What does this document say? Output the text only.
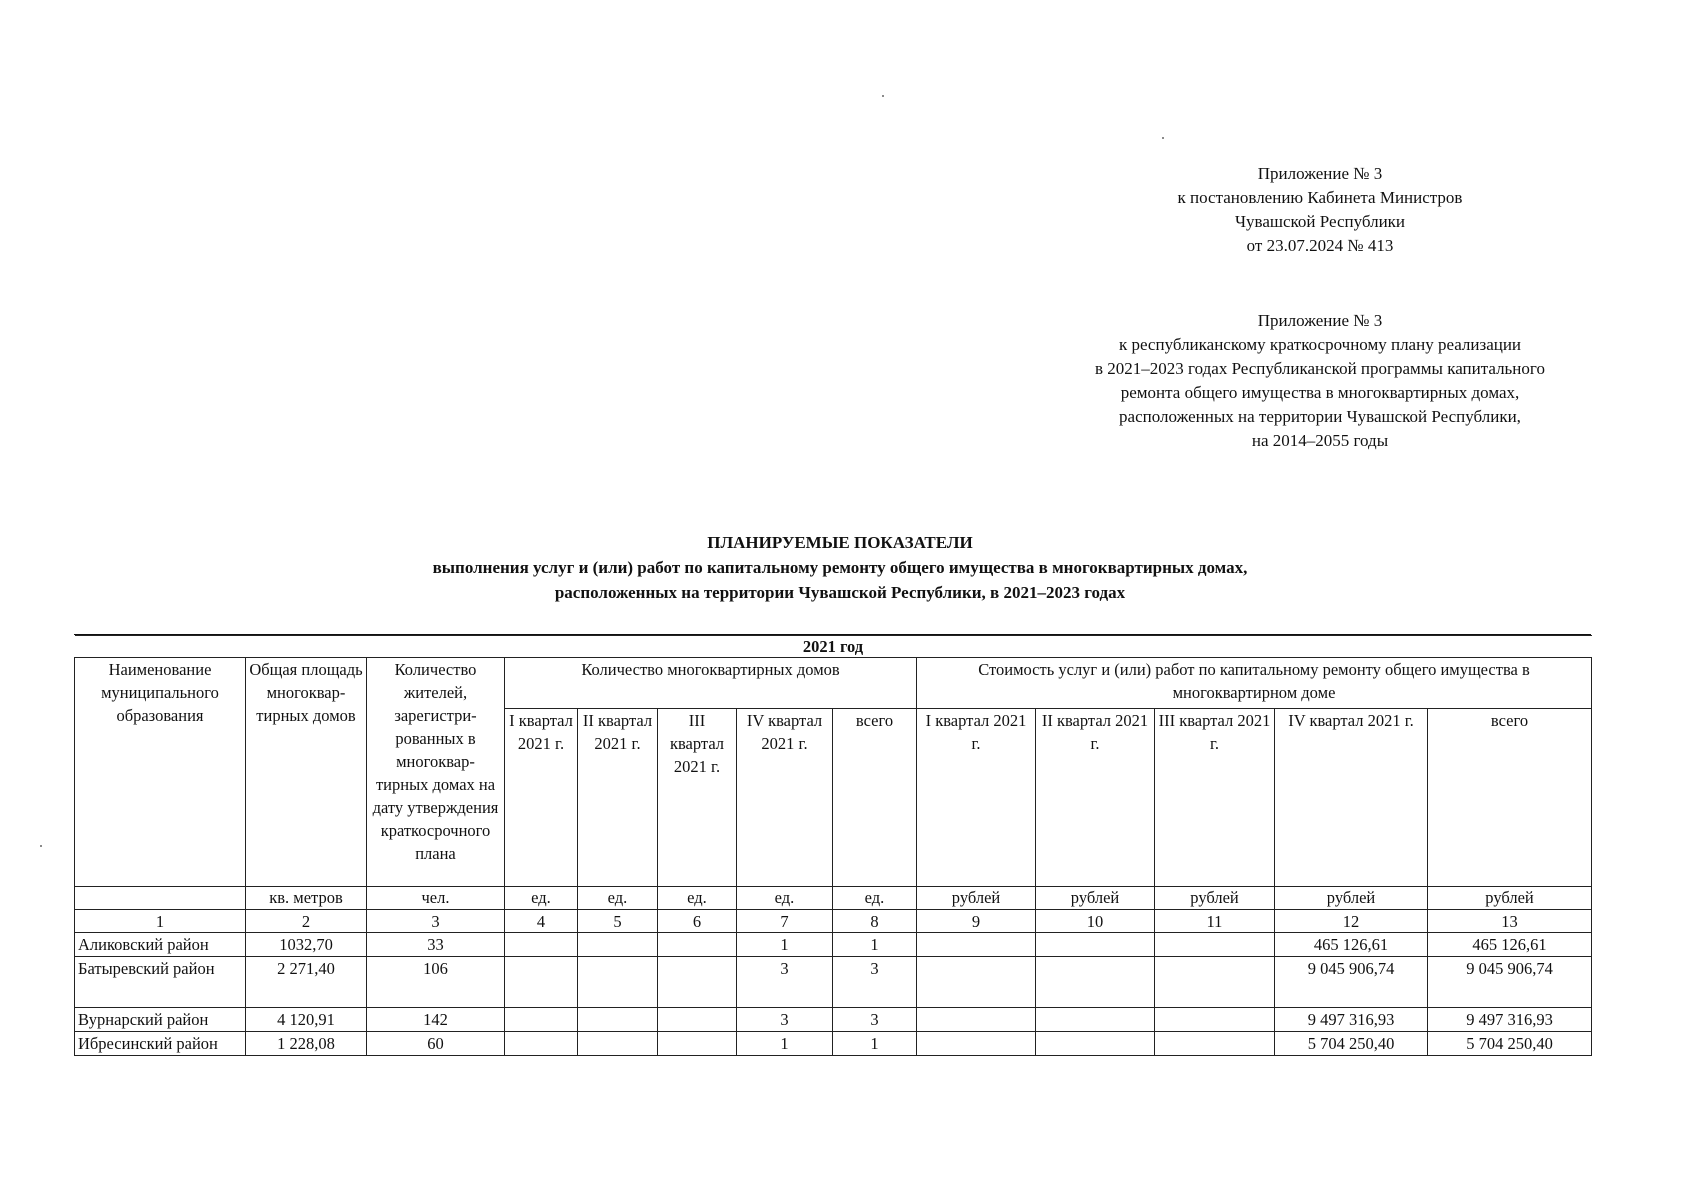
Приложение № 3
к постановлению Кабинета Министров
Чувашской Республики
от 23.07.2024 № 413
Приложение № 3
к республиканскому краткосрочному плану реализации
в 2021–2023 годах Республиканской программы капитального
ремонта общего имущества в многоквартирных домах,
расположенных на территории Чувашской Республики,
на 2014–2055 годы
ПЛАНИРУЕМЫЕ ПОКАЗАТЕЛИ
выполнения услуг и (или) работ по капитальному ремонту общего имущества в многоквартирных домах,
расположенных на территории Чувашской Республики, в 2021–2023 годах
2021 год												
Наименование муниципального образования	Общая площадь многоквар-тирных домов	Количество жителей, зарегистри-рованных в многоквар-тирных домах на дату утверждения краткосрочного плана	Количество многоквартирных домов					Стоимость услуг и (или) работ по капитальному ремонту общего имущества в многоквартирном доме				
			I квартал 2021 г.	II квартал 2021 г.	III квартал 2021 г.	IV квартал 2021 г.	всего	I квартал 2021 г.	II квартал 2021 г.	III квартал 2021 г.	IV квартал 2021 г.	всего
	кв. метров	чел.	ед.	ед.	ед.	ед.	ед.	рублей	рублей	рублей	рублей	рублей
1	2	3	4	5	6	7	8	9	10	11	12	13
Аликовский район	1032,70	33				1	1				465 126,61	465 126,61
Батыревский район	2 271,40	106				3	3				9 045 906,74	9 045 906,74
Вурнарский район	4 120,91	142				3	3				9 497 316,93	9 497 316,93
Ибресинский район	1 228,08	60				1	1				5 704 250,40	5 704 250,40
